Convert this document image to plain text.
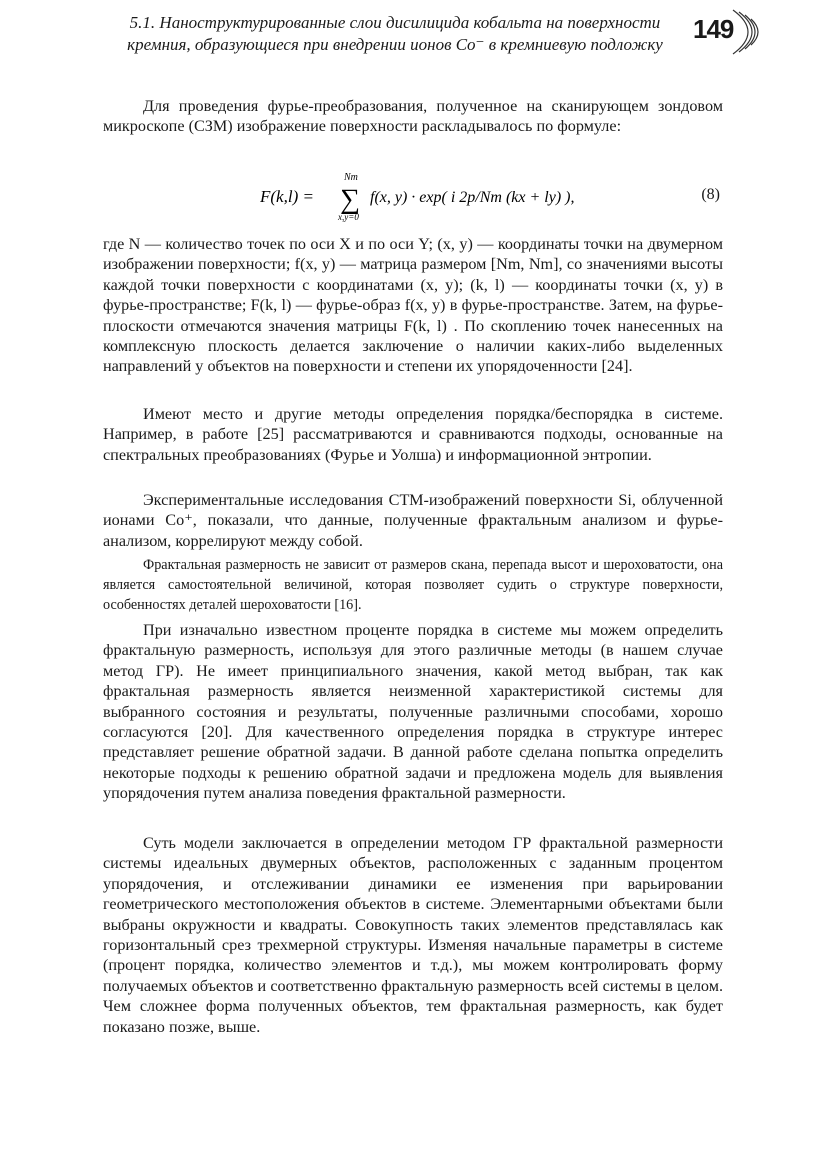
5.1. Наноструктурированные слои дисилицида кобальта на поверхности
кремния, образующиеся при внедрении ионов Co⁻ в кремниевую подложку
149

Для проведения фурье-преобразования, полученное на сканирующем зондовом микроскопе (СЗМ) изображение поверхности раскладывалось по формуле:

F(k,l) =
Nm
∑
x,y=0
f(x, y) · exp( i 2p/Nm (kx + ly) ),	(8)

где N — количество точек по оси X и по оси Y; (x, y) — координаты точки на двумерном изображении поверхности; f(x, y) — матрица размером [Nm, Nm], со значениями высоты каждой точки поверхности с координатами (x, y); (k, l) — координаты точки (x, y) в фурье-пространстве; F(k, l) — фурье-образ f(x, y) в фурье-пространстве. Затем, на фурье-плоскости отмечаются значения матрицы F(k, l) . По скоплению точек нанесенных на комплексную плоскость делается заключение о наличии каких-либо выделенных направлений у объектов на поверхности и степени их упорядоченности [24].

Имеют место и другие методы определения порядка/беспорядка в системе. Например, в работе [25] рассматриваются и сравниваются подходы, основанные на спектральных преобразованиях (Фурье и Уолша) и информационной энтропии.

Экспериментальные исследования СТМ-изображений поверхности Si, облученной ионами Co⁺, показали, что данные, полученные фрактальным анализом и фурье-анализом, коррелируют между собой.

Фрактальная размерность не зависит от размеров скана, перепада высот и шероховатости, она является самостоятельной величиной, которая позволяет судить о структуре поверхности, особенностях деталей шероховатости [16].

При изначально известном проценте порядка в системе мы можем определить фрактальную размерность, используя для этого различные методы (в нашем случае метод ГР). Не имеет принципиального значения, какой метод выбран, так как фрактальная размерность является неизменной характеристикой системы для выбранного состояния и результаты, полученные различными способами, хорошо согласуются [20]. Для качественного определения порядка в структуре интерес представляет решение обратной задачи. В данной работе сделана попытка определить некоторые подходы к решению обратной задачи и предложена модель для выявления упорядочения путем анализа поведения фрактальной размерности.

Суть модели заключается в определении методом ГР фрактальной размерности системы идеальных двумерных объектов, расположенных с заданным процентом упорядочения, и отслеживании динамики ее изменения при варьировании геометрического местоположения объектов в системе. Элементарными объектами были выбраны окружности и квадраты. Совокупность таких элементов представлялась как горизонтальный срез трехмерной структуры. Изменяя начальные параметры в системе (процент порядка, количество элементов и т.д.), мы можем контролировать форму получаемых объектов и соответственно фрактальную размерность всей системы в целом. Чем сложнее форма полученных объектов, тем фрактальная размерность, как будет показано позже, выше.
